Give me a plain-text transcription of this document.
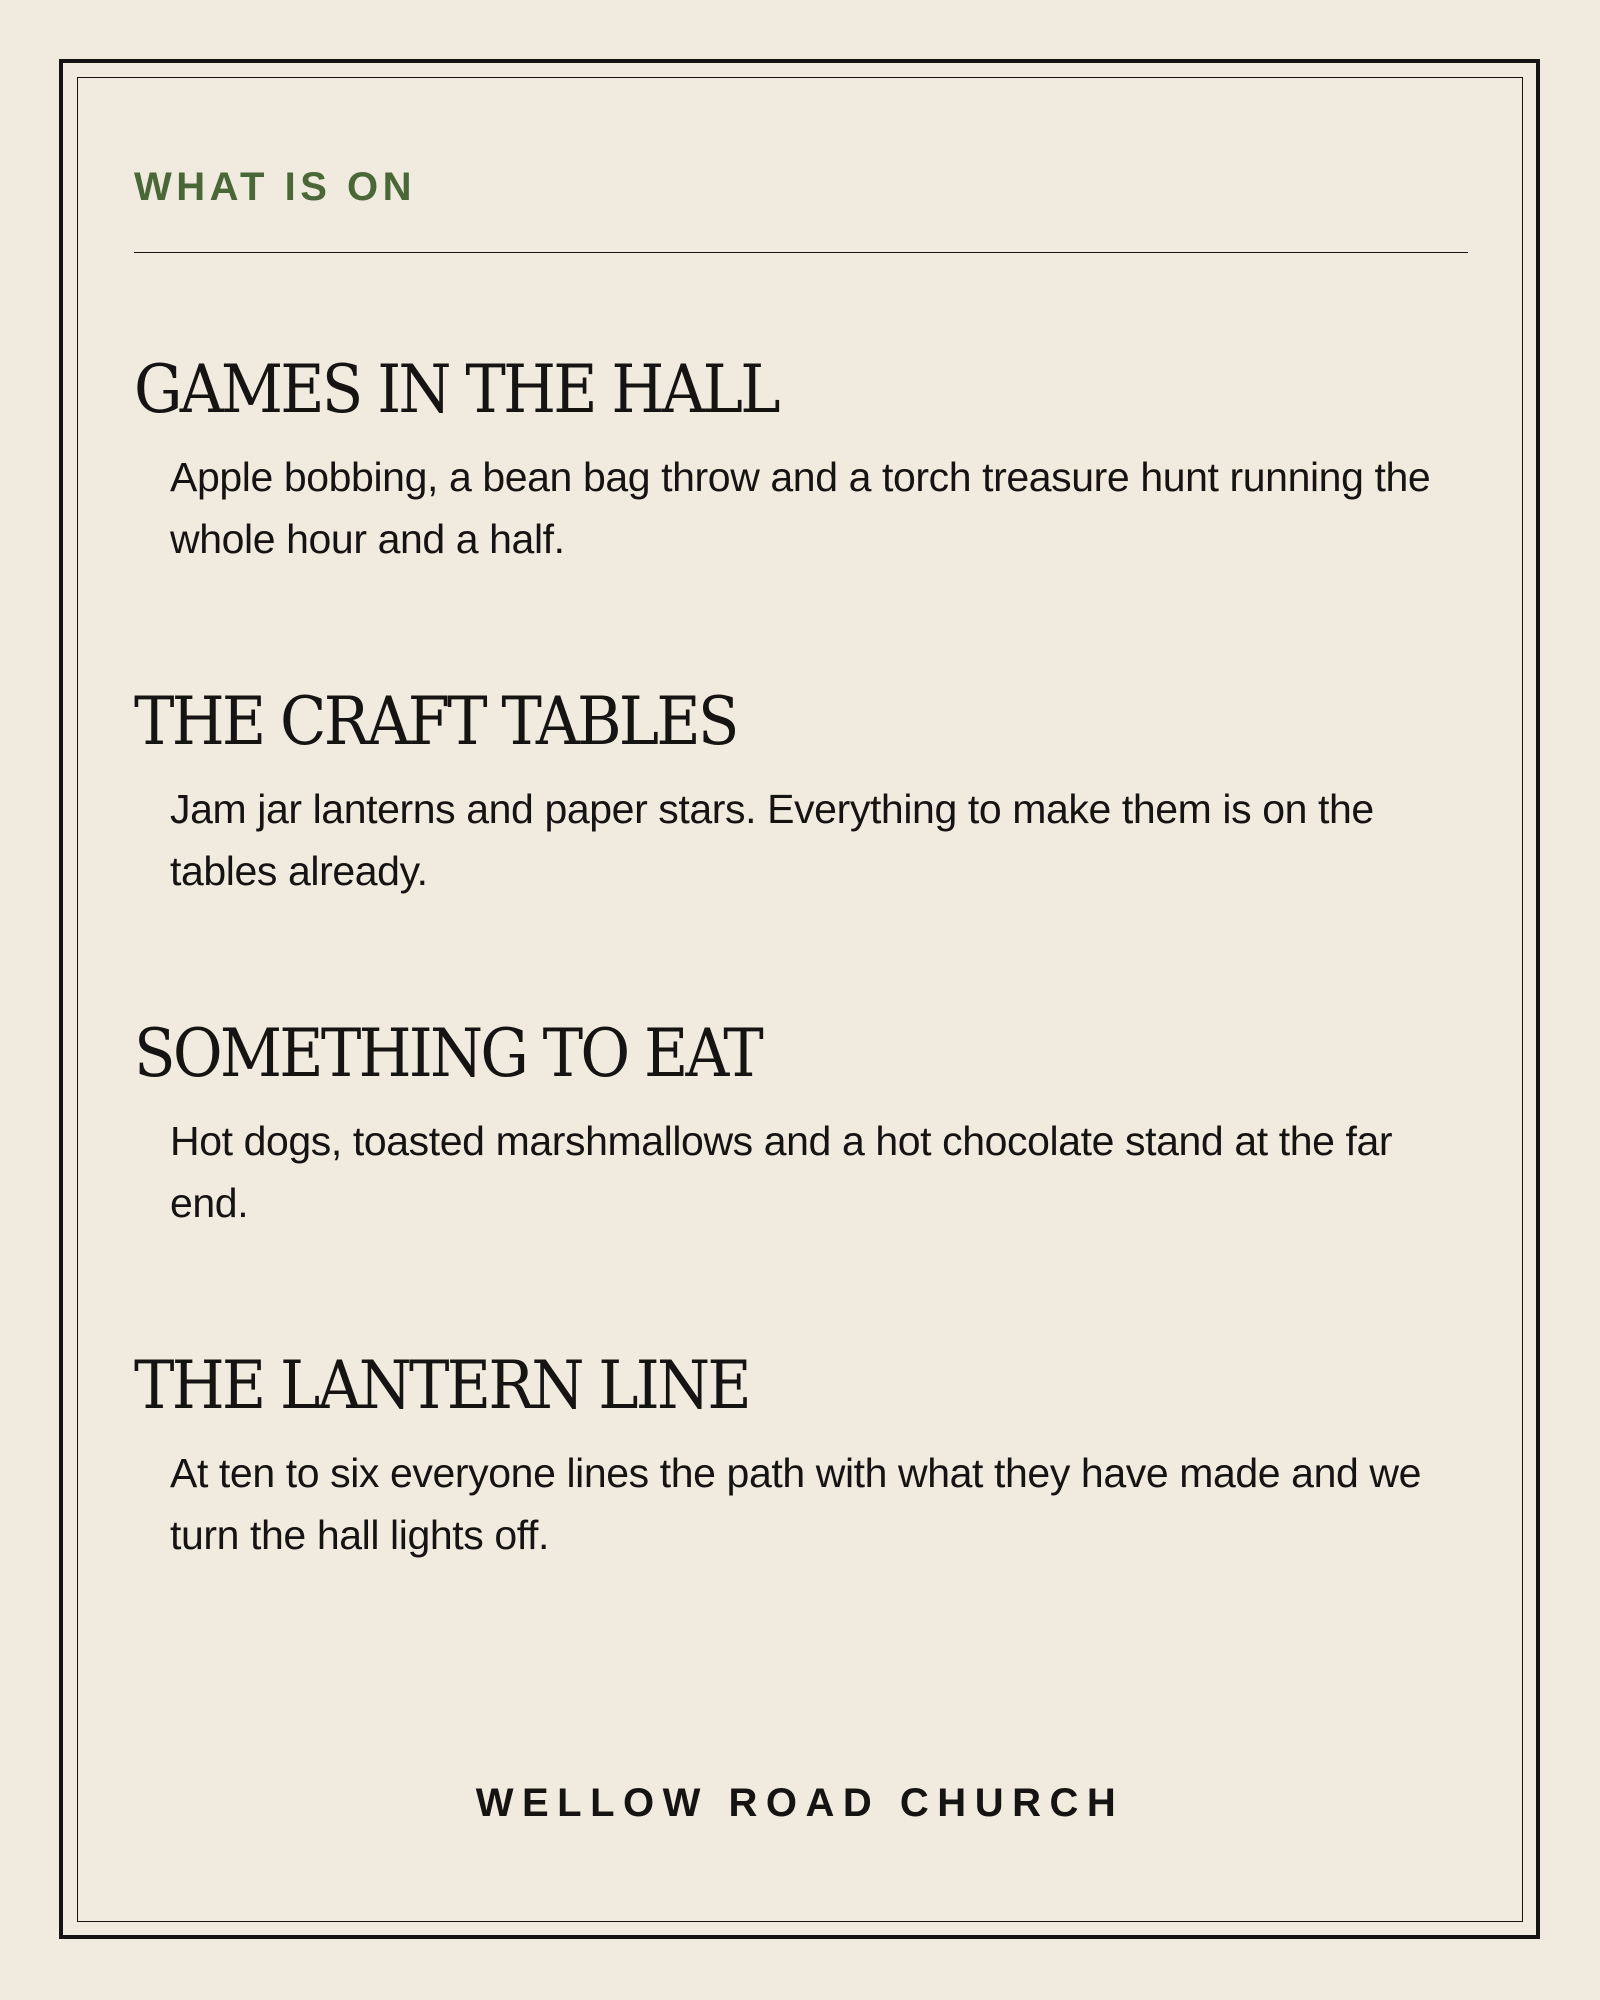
WHAT IS ON
GAMES IN THE HALL

Apple bobbing, a bean bag throw and a torch treasure hunt running the whole hour and a half.

THE CRAFT TABLES

Jam jar lanterns and paper stars. Everything to make them is on the tables already.

SOMETHING TO EAT

Hot dogs, toasted marshmallows and a hot chocolate stand at the far end.

THE LANTERN LINE

At ten to six everyone lines the path with what they have made and we turn the hall lights off.

WELLOW ROAD CHURCH
